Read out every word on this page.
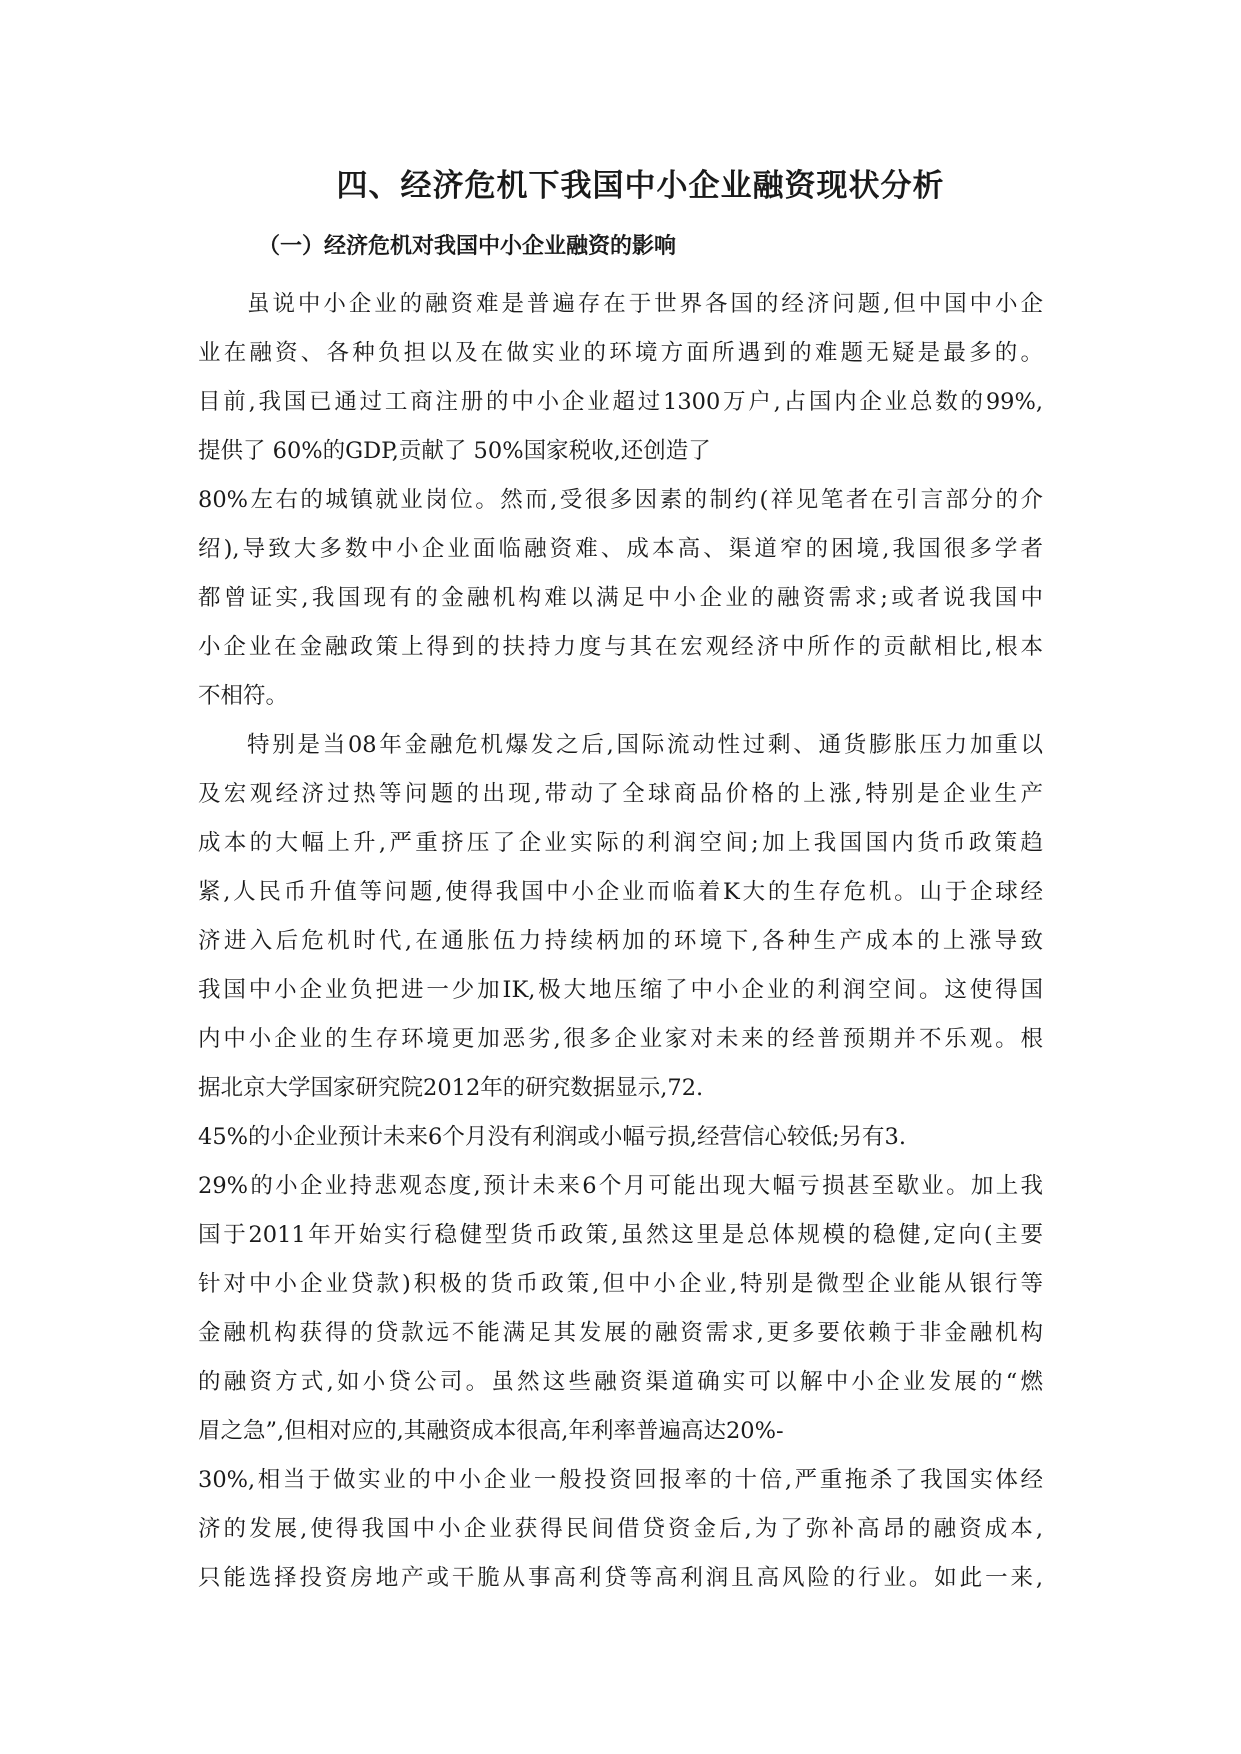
四、经济危机下我国中小企业融资现状分析
（一）经济危机对我国中小企业融资的影响
虽说中小企业的融资难是普遍存在于世界各国的经济问题,但中国中小企
业在融资、各种负担以及在做实业的环境方面所遇到的难题无疑是最多的。
目前,我国已通过工商注册的中小企业超过1300万户,占国内企业总数的99%,
提供了 60%的GDP,贡献了 50%国家税收,还创造了
80%左右的城镇就业岗位。然而,受很多因素的制约(祥见笔者在引言部分的介
绍),导致大多数中小企业面临融资难、成本高、渠道窄的困境,我国很多学者
都曾证实,我国现有的金融机构难以满足中小企业的融资需求;或者说我国中
小企业在金融政策上得到的扶持力度与其在宏观经济中所作的贡献相比,根本
不相符。
特别是当08年金融危机爆发之后,国际流动性过剩、通货膨胀压力加重以
及宏观经济过热等问题的出现,带动了全球商品价格的上涨,特别是企业生产
成本的大幅上升,严重挤压了企业实际的利润空间;加上我国国内货币政策趋
紧,人民币升值等问题,使得我国中小企业而临着K大的生存危机。山于企球经
济进入后危机时代,在通胀伍力持续柄加的环境下,各种生产成本的上涨导致
我国中小企业负把进一少加IK,极大地压缩了中小企业的利润空间。这使得国
内中小企业的生存环境更加恶劣,很多企业家对未来的经普预期并不乐观。根
据北京大学国家研究院2012年的研究数据显示,72.
45%的小企业预计未来6个月没有利润或小幅亏损,经营信心较低;另有3.
29%的小企业持悲观态度,预计未来6个月可能出现大幅亏损甚至歇业。加上我
国于2011年开始实行稳健型货币政策,虽然这里是总体规模的稳健,定向(主要
针对中小企业贷款)积极的货币政策,但中小企业,特别是微型企业能从银行等
金融机构获得的贷款远不能满足其发展的融资需求,更多要依赖于非金融机构
的融资方式,如小贷公司。虽然这些融资渠道确实可以解中小企业发展的“燃
眉之急”,但相对应的,其融资成本很高,年利率普遍高达20%-
30%,相当于做实业的中小企业一般投资回报率的十倍,严重拖杀了我国实体经
济的发展,使得我国中小企业获得民间借贷资金后,为了弥补高昂的融资成本,
只能选择投资房地产或干脆从事高利贷等高利润且高风险的行业。如此一来,
